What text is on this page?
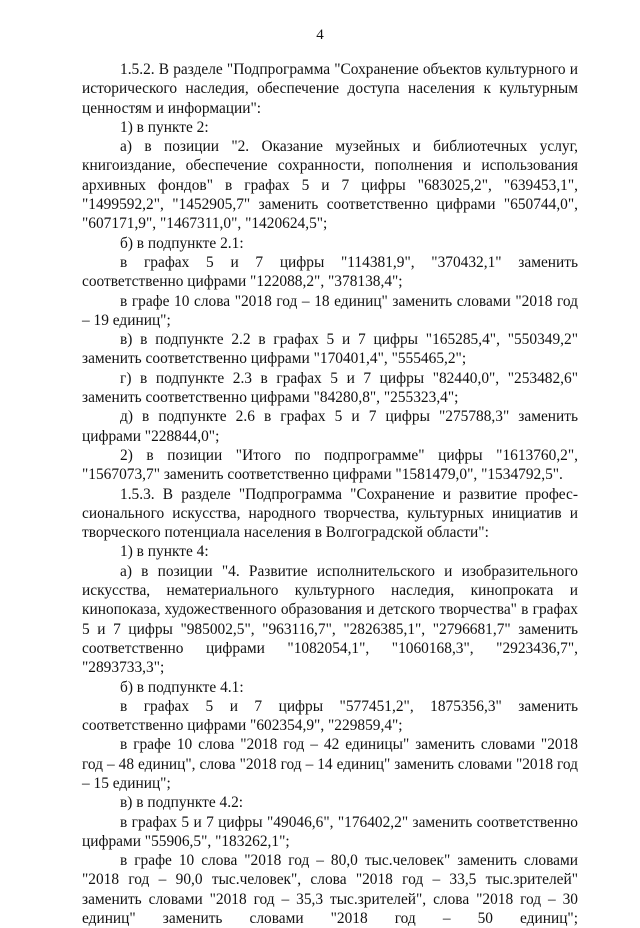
4

1.5.2. В разделе "Подпрограмма "Сохранение объектов культурного и исторического наследия, обеспечение доступа населения к культурным ценностям и информации":

1) в пункте 2:

а) в позиции "2. Оказание музейных и библиотечных услуг, книгоиздание, обеспечение сохранности, пополнения и использования архивных фондов" в графах 5 и 7 цифры "683025,2", "639453,1", "1499592,2", "1452905,7" заменить соответственно цифрами "650744,0", "607171,9", "1467311,0", "1420624,5";

б) в подпункте 2.1:

в графах 5 и 7 цифры "114381,9", "370432,1" заменить соответственно цифрами "122088,2", "378138,4";

в графе 10 слова "2018 год – 18 единиц" заменить словами "2018 год – 19 единиц";

в) в подпункте 2.2 в графах 5 и 7 цифры "165285,4", "550349,2" заменить соответственно цифрами "170401,4", "555465,2";

г) в подпункте 2.3 в графах 5 и 7 цифры "82440,0", "253482,6" заменить соответственно цифрами "84280,8", "255323,4";

д) в подпункте 2.6 в графах 5 и 7 цифры "275788,3" заменить цифрами "228844,0";

2) в позиции "Итого по подпрограмме" цифры "1613760,2", "1567073,7" заменить соответственно цифрами "1581479,0", "1534792,5".

1.5.3. В разделе "Подпрограмма "Сохранение и развитие профессионального искусства, народного творчества, культурных инициатив и творческого потенциала населения в Волгоградской области":

1) в пункте 4:

а) в позиции "4. Развитие исполнительского и изобразительного искусства, нематериального культурного наследия, кинопроката и кинопоказа, художественного образования и детского творчества" в графах 5 и 7 цифры "985002,5", "963116,7", "2826385,1", "2796681,7" заменить соответственно цифрами "1082054,1", "1060168,3", "2923436,7", "2893733,3";

б) в подпункте 4.1:

в графах 5 и 7 цифры "577451,2", 1875356,3" заменить соответственно цифрами "602354,9", "229859,4";

в графе 10 слова "2018 год – 42 единицы" заменить словами "2018 год – 48 единиц", слова "2018 год – 14 единиц" заменить словами "2018 год – 15 единиц";

в) в подпункте 4.2:

в графах 5 и 7 цифры "49046,6", "176402,2" заменить соответственно цифрами "55906,5", "183262,1";

в графе 10 слова "2018 год – 80,0 тыс.человек" заменить словами "2018 год – 90,0 тыс.человек", слова "2018 год – 33,5 тыс.зрителей" заменить словами "2018 год – 35,3 тыс.зрителей", слова "2018 год – 30 единиц" заменить словами "2018 год – 50 единиц";
